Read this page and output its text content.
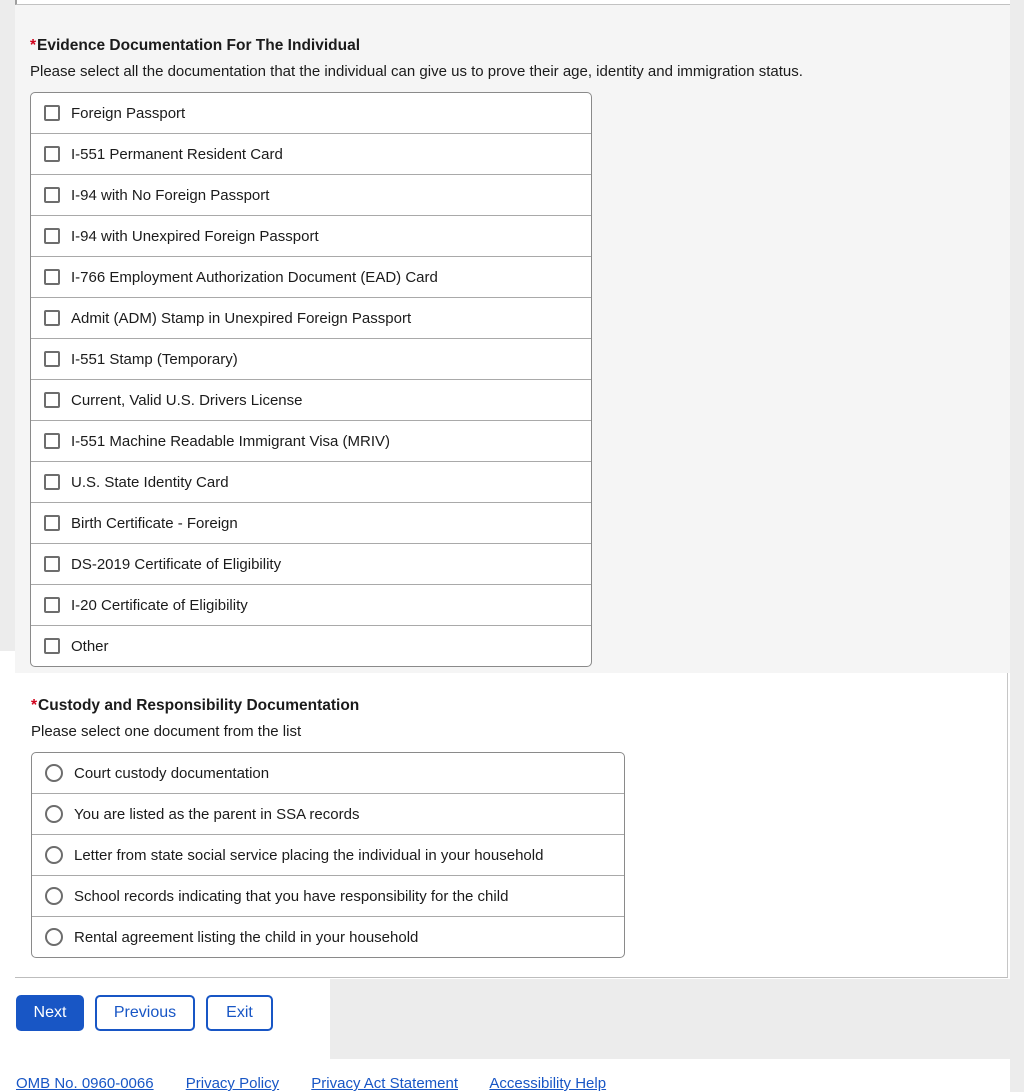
*Evidence Documentation For The Individual
Please select all the documentation that the individual can give us to prove their age, identity and immigration status.
Foreign Passport
I-551 Permanent Resident Card
I-94 with No Foreign Passport
I-94 with Unexpired Foreign Passport
I-766 Employment Authorization Document (EAD) Card
Admit (ADM) Stamp in Unexpired Foreign Passport
I-551 Stamp (Temporary)
Current, Valid U.S. Drivers License
I-551 Machine Readable Immigrant Visa (MRIV)
U.S. State Identity Card
Birth Certificate - Foreign
DS-2019 Certificate of Eligibility
I-20 Certificate of Eligibility
Other
*Custody and Responsibility Documentation
Please select one document from the list
Court custody documentation
You are listed as the parent in SSA records
Letter from state social service placing the individual in your household
School records indicating that you have responsibility for the child
Rental agreement listing the child in your household
Next	Previous	Exit
OMB No. 0960-0066 Privacy Policy Privacy Act Statement Accessibility Help
